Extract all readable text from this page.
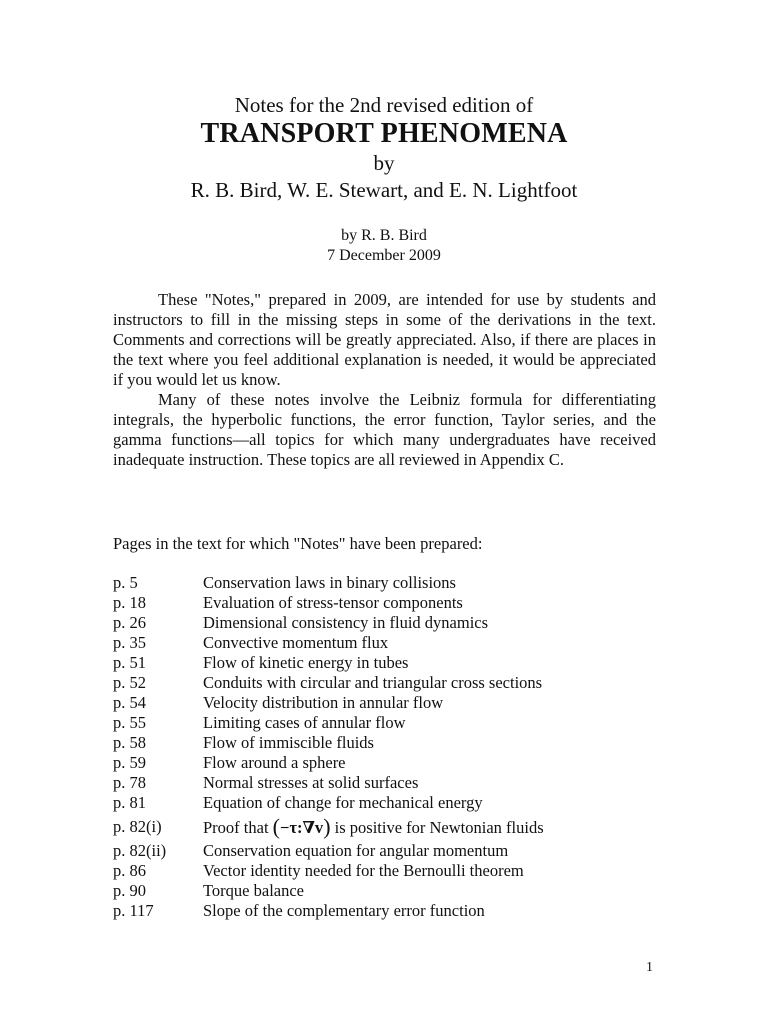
Notes for the 2nd revised edition of
TRANSPORT PHENOMENA
by
R. B. Bird, W. E. Stewart, and E. N. Lightfoot
by R. B. Bird
7 December 2009

These "Notes," prepared in 2009, are intended for use by students and instructors to fill in the missing steps in some of the derivations in the text. Comments and corrections will be greatly appreciated. Also, if there are places in the text where you feel additional explanation is needed, it would be appreciated if you would let us know.

Many of these notes involve the Leibniz formula for differentiating integrals, the hyperbolic functions, the error function, Taylor series, and the gamma functions—all topics for which many undergraduates have received inadequate instruction. These topics are all reviewed in Appendix C.

Pages in the text for which "Notes" have been prepared:
p. 5	Conservation laws in binary collisions
p. 18	Evaluation of stress-tensor components
p. 26	Dimensional consistency in fluid dynamics
p. 35	Convective momentum flux
p. 51	Flow of kinetic energy in tubes
p. 52	Conduits with circular and triangular cross sections
p. 54	Velocity distribution in annular flow
p. 55	Limiting cases of annular flow
p. 58	Flow of immiscible fluids
p. 59	Flow around a sphere
p. 78	Normal stresses at solid surfaces
p. 81	Equation of change for mechanical energy
p. 82(i)	Proof that (−τ:∇v) is positive for Newtonian fluids
p. 82(ii)	Conservation equation for angular momentum
p. 86	Vector identity needed for the Bernoulli theorem
p. 90	Torque balance
p. 117	Slope of the complementary error function
1
